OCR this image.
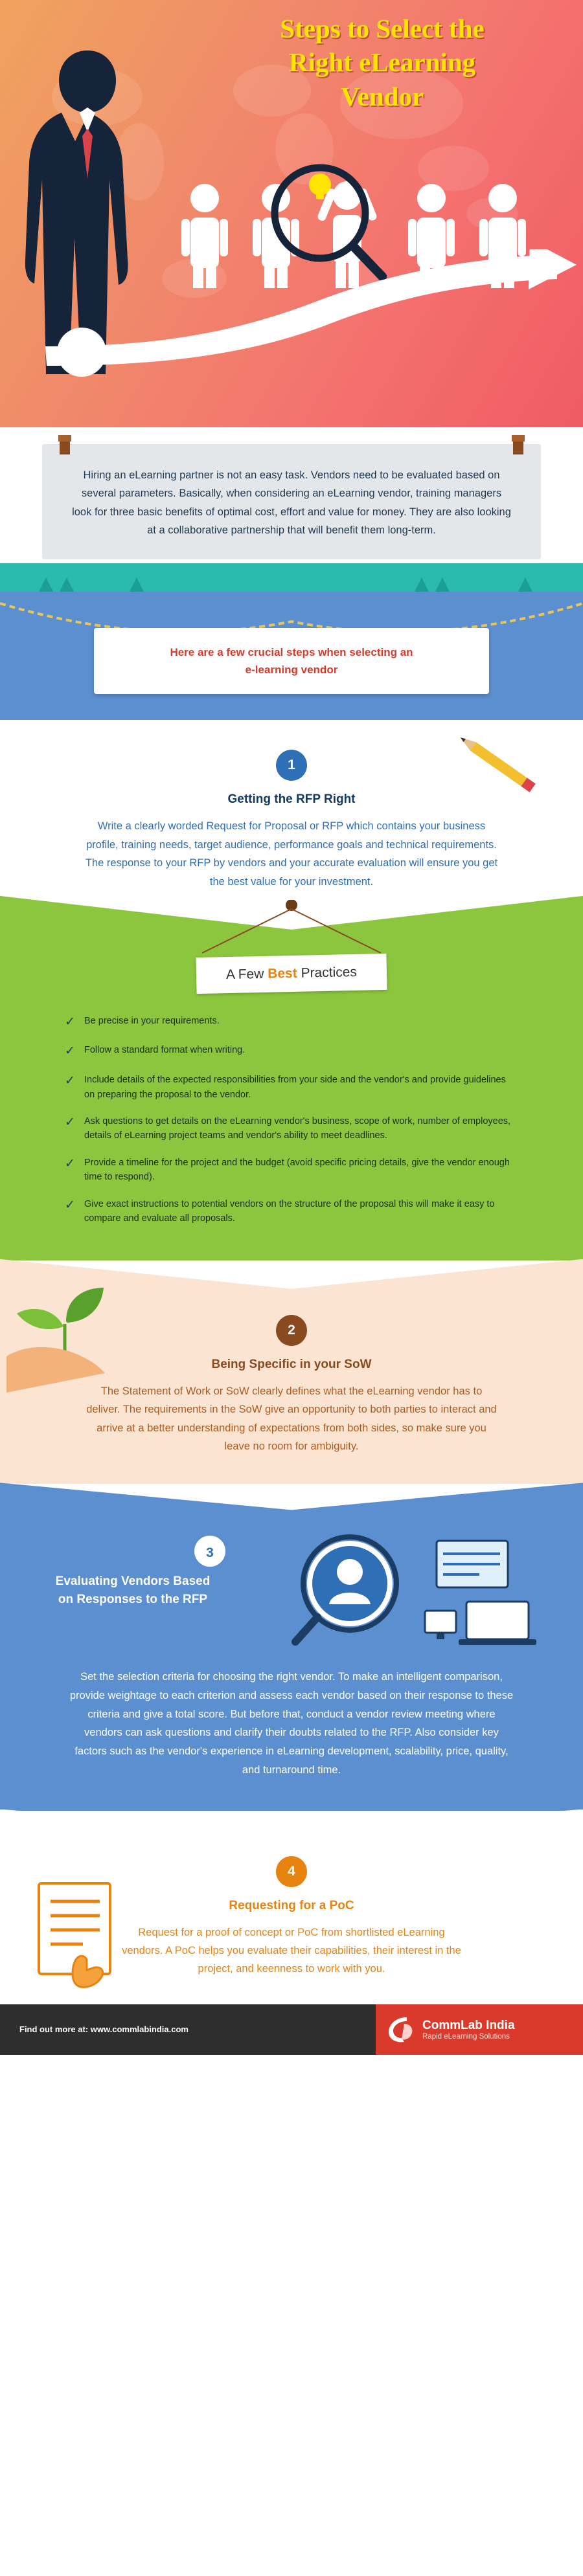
Steps to Select the
Right eLearning
Vendor
Hiring an eLearning partner is not an easy task. Vendors need to be evaluated based on several parameters. Basically, when considering an eLearning vendor, training managers look for three basic benefits of optimal cost, effort and value for money. They are also looking at a collaborative partnership that will benefit them long-term.
Here are a few crucial steps when selecting an
e-learning vendor
1
Getting the RFP Right
Write a clearly worded Request for Proposal or RFP which contains your business profile, training needs, target audience, performance goals and technical requirements. The response to your RFP by vendors and your accurate evaluation will ensure you get the best value for your investment.
A Few Best Practices
✓ Be precise in your requirements.
✓ Follow a standard format when writing.
✓ Include details of the expected responsibilities from your side and the vendor's and provide guidelines on preparing the proposal to the vendor.
✓ Ask questions to get details on the eLearning vendor's business, scope of work, number of employees, details of eLearning project teams and vendor's ability to meet deadlines.
✓ Provide a timeline for the project and the budget (avoid specific pricing details, give the vendor enough time to respond).
✓ Give exact instructions to potential vendors on the structure of the proposal this will make it easy to compare and evaluate all proposals.
2
Being Specific in your SoW
The Statement of Work or SoW clearly defines what the eLearning vendor has to deliver. The requirements in the SoW give an opportunity to both parties to interact and arrive at a better understanding of expectations from both sides, so make sure you leave no room for ambiguity.
3
Evaluating Vendors Based
on Responses to the RFP
Set the selection criteria for choosing the right vendor. To make an intelligent comparison, provide weightage to each criterion and assess each vendor based on their response to these criteria and give a total score. But before that, conduct a vendor review meeting where vendors can ask questions and clarify their doubts related to the RFP. Also consider key factors such as the vendor's experience in eLearning development, scalability, price, quality, and turnaround time.
4
Requesting for a PoC
Request for a proof of concept or PoC from shortlisted eLearning vendors. A PoC helps you evaluate their capabilities, their interest in the project, and keenness to work with you.
Find out more at: www.commlabindia.com	CommLab India
Rapid eLearning Solutions
